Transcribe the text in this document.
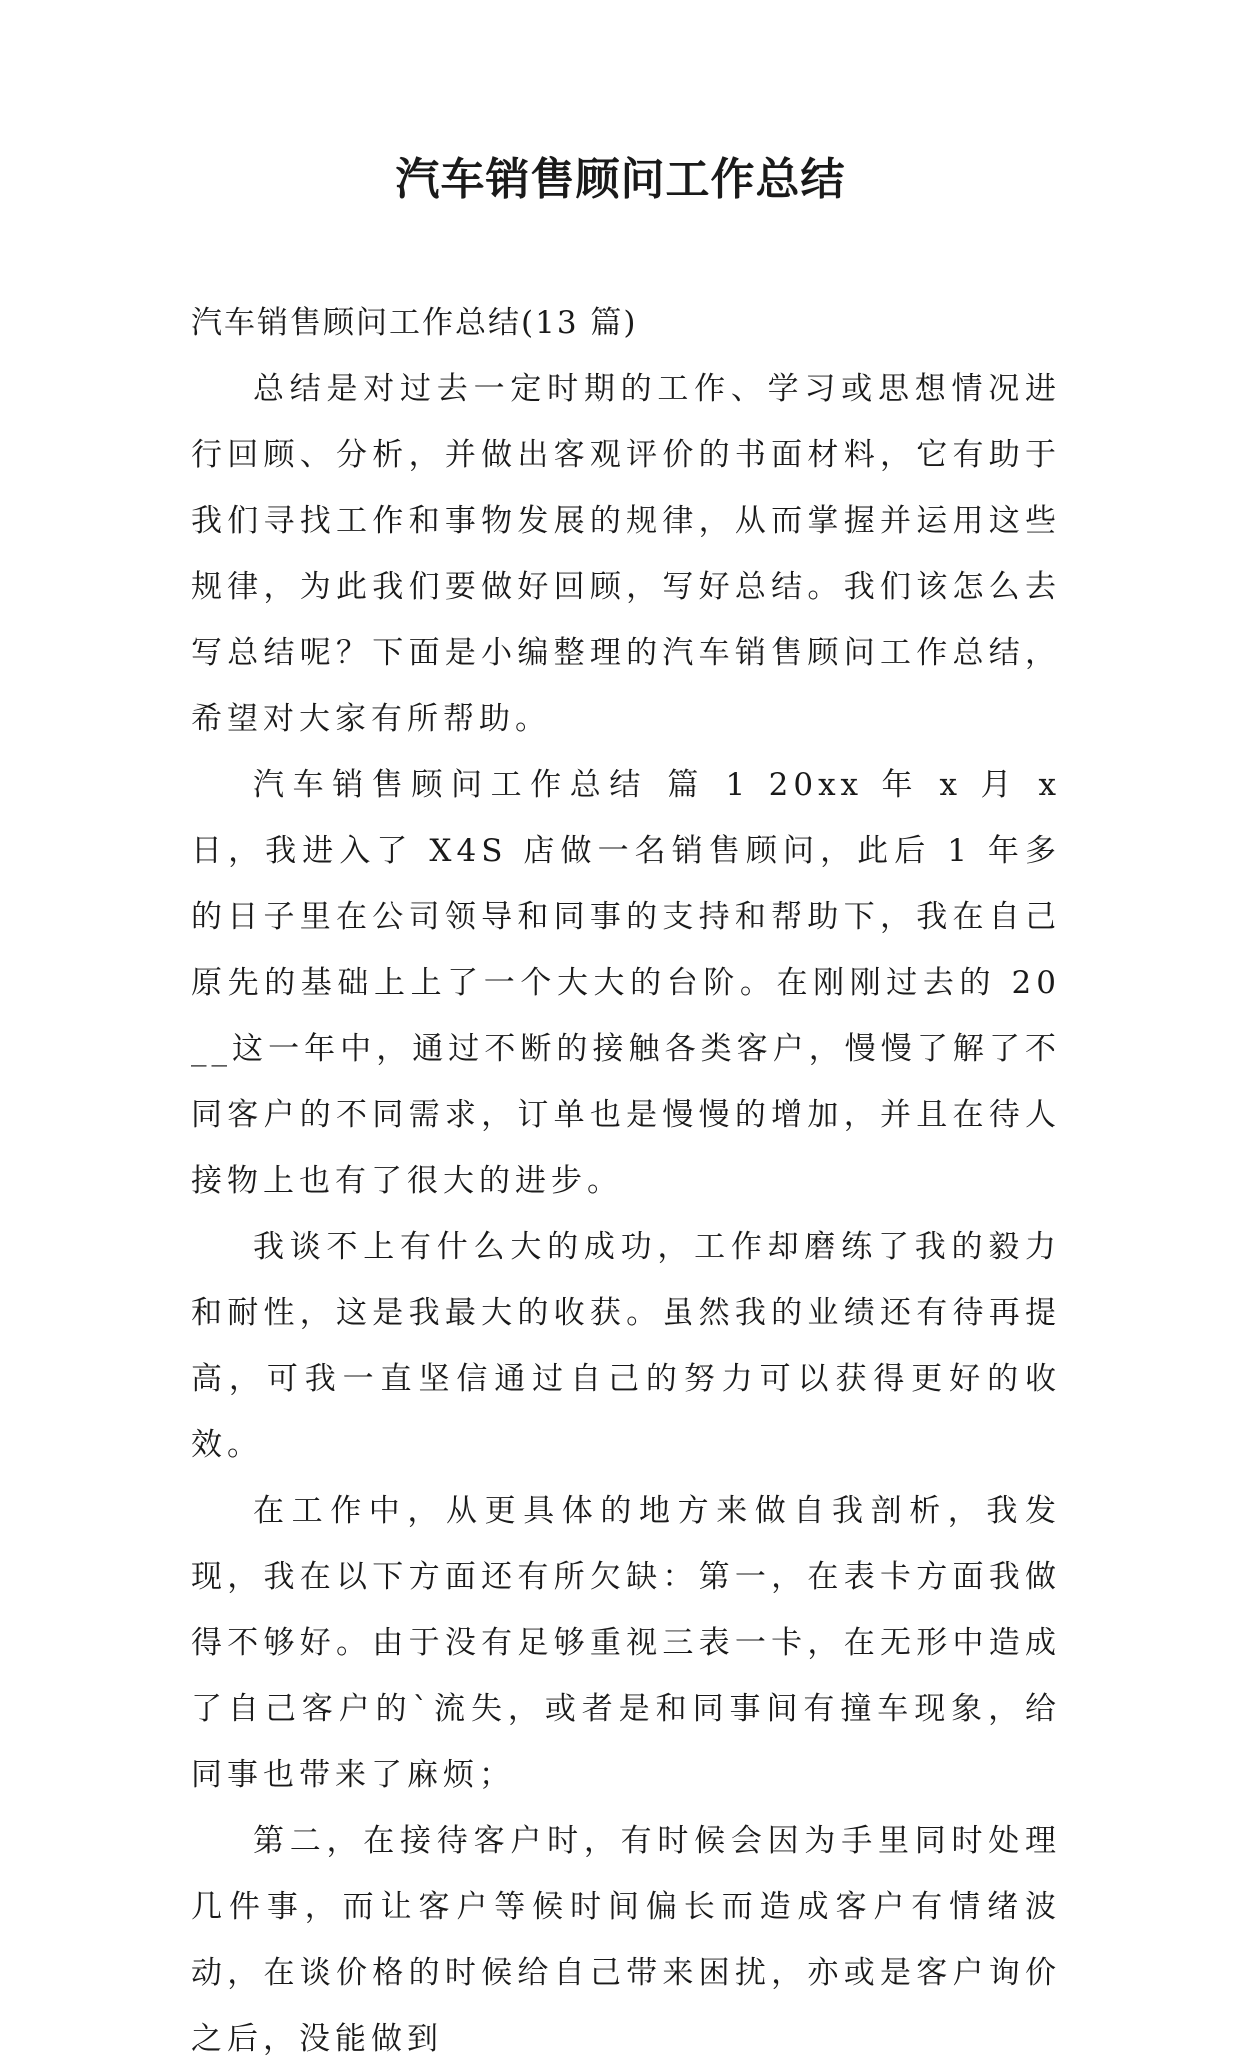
汽车销售顾问工作总结

汽车销售顾问工作总结(13 篇)

总结是对过去一定时期的工作、学习或思想情况进行回顾、分析，并做出客观评价的书面材料，它有助于我们寻找工作和事物发展的规律，从而掌握并运用这些规律，为此我们要做好回顾，写好总结。我们该怎么去写总结呢？下面是小编整理的汽车销售顾问工作总结，希望对大家有所帮助。

汽车销售顾问工作总结 篇 1 20xx 年 x 月 x 日，我进入了 X4S 店做一名销售顾问，此后 1 年多的日子里在公司领导和同事的支持和帮助下，我在自己原先的基础上上了一个大大的台阶。在刚刚过去的 20__这一年中，通过不断的接触各类客户，慢慢了解了不同客户的不同需求，订单也是慢慢的增加，并且在待人接物上也有了很大的进步。

我谈不上有什么大的成功，工作却磨练了我的毅力和耐性，这是我最大的收获。虽然我的业绩还有待再提高，可我一直坚信通过自己的努力可以获得更好的收效。

在工作中，从更具体的地方来做自我剖析，我发现，我在以下方面还有所欠缺：第一，在表卡方面我做得不够好。由于没有足够重视三表一卡，在无形中造成了自己客户的`流失，或者是和同事间有撞车现象，给同事也带来了麻烦；

第二，在接待客户时，有时候会因为手里同时处理几件事，而让客户等候时间偏长而造成客户有情绪波动，在谈价格的时候给自己带来困扰，亦或是客户询价之后，没能做到
